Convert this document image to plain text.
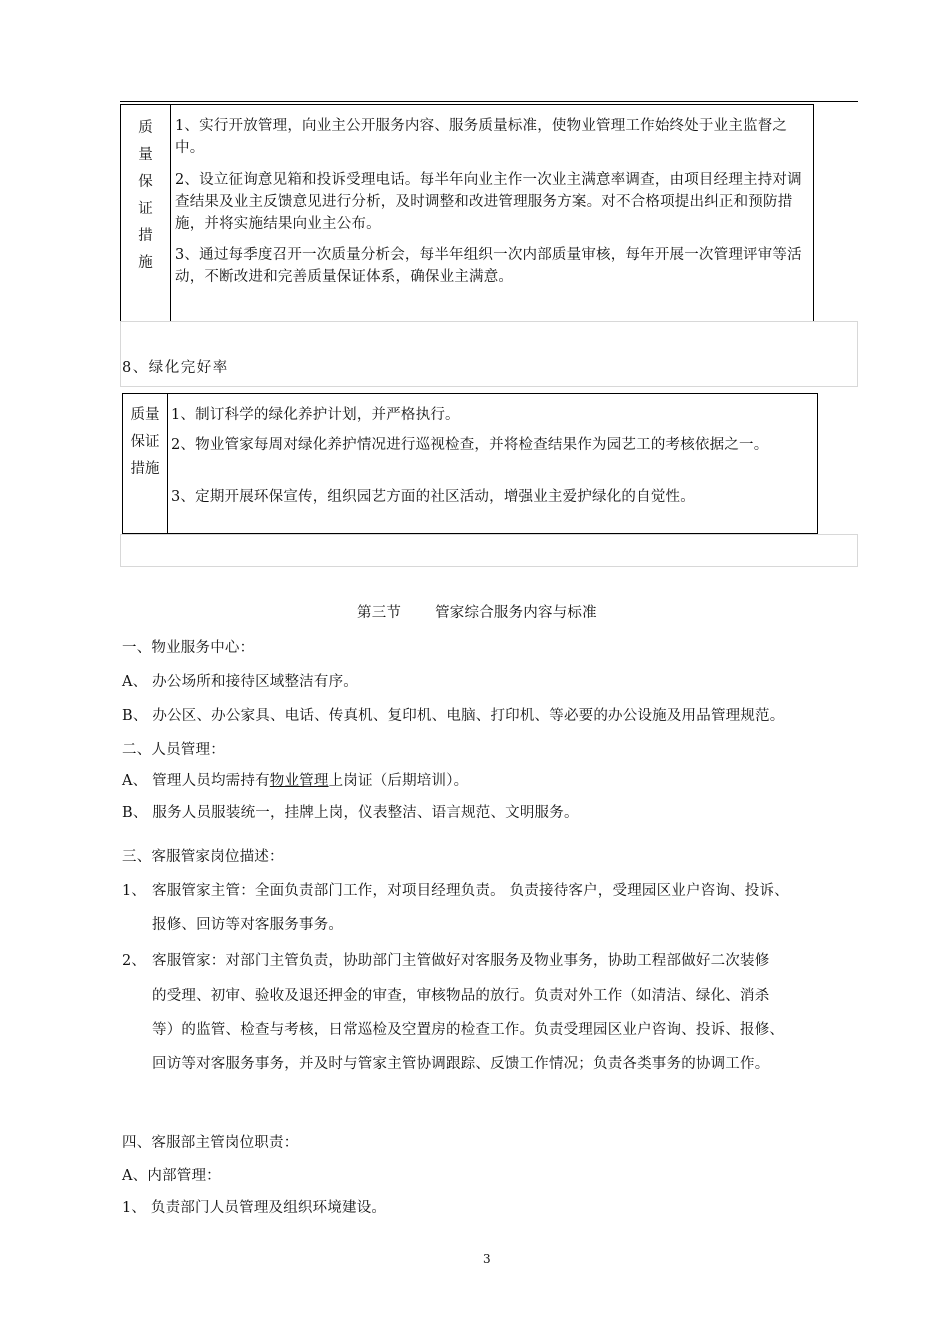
质
量
保
证
措
施
1、实行开放管理，向业主公开服务内容、服务质量标准，使物业管理工作始终处于业主监督之中。
2、设立征询意见箱和投诉受理电话。每半年向业主作一次业主满意率调查，由项目经理主持对调查结果及业主反馈意见进行分析，及时调整和改进管理服务方案。对不合格项提出纠正和预防措施，并将实施结果向业主公布。
3、通过每季度召开一次质量分析会，每半年组织一次内部质量审核，每年开展一次管理评审等活动，不断改进和完善质量保证体系，确保业主满意。
8、绿化完好率
质量
保证
措施
1、制订科学的绿化养护计划，并严格执行。
2、物业管家每周对绿化养护情况进行巡视检查，并将检查结果作为园艺工的考核依据之一。
3、定期开展环保宣传，组织园艺方面的社区活动，增强业主爱护绿化的自觉性。
第三节 管家综合服务内容与标准
一、物业服务中心：
A、 办公场所和接待区域整洁有序。
B、 办公区、办公家具、电话、传真机、复印机、电脑、打印机、等必要的办公设施及用品管理规范。
二、人员管理：
A、 管理人员均需持有物业管理上岗证（后期培训）。
B、 服务人员服装统一，挂牌上岗，仪表整洁、语言规范、文明服务。
三、客服管家岗位描述：
1、 客服管家主管：全面负责部门工作，对项目经理负责。 负责接待客户，受理园区业户咨询、投诉、
报修、回访等对客服务事务。
2、 客服管家：对部门主管负责，协助部门主管做好对客服务及物业事务，协助工程部做好二次装修
的受理、初审、验收及退还押金的审查，审核物品的放行。负责对外工作（如清洁、绿化、消杀
等）的监管、检查与考核，日常巡检及空置房的检查工作。负责受理园区业户咨询、投诉、报修、
回访等对客服务事务，并及时与管家主管协调跟踪、反馈工作情况；负责各类事务的协调工作。
四、客服部主管岗位职责：
A、内部管理：
1、 负责部门人员管理及组织环境建设。
3
